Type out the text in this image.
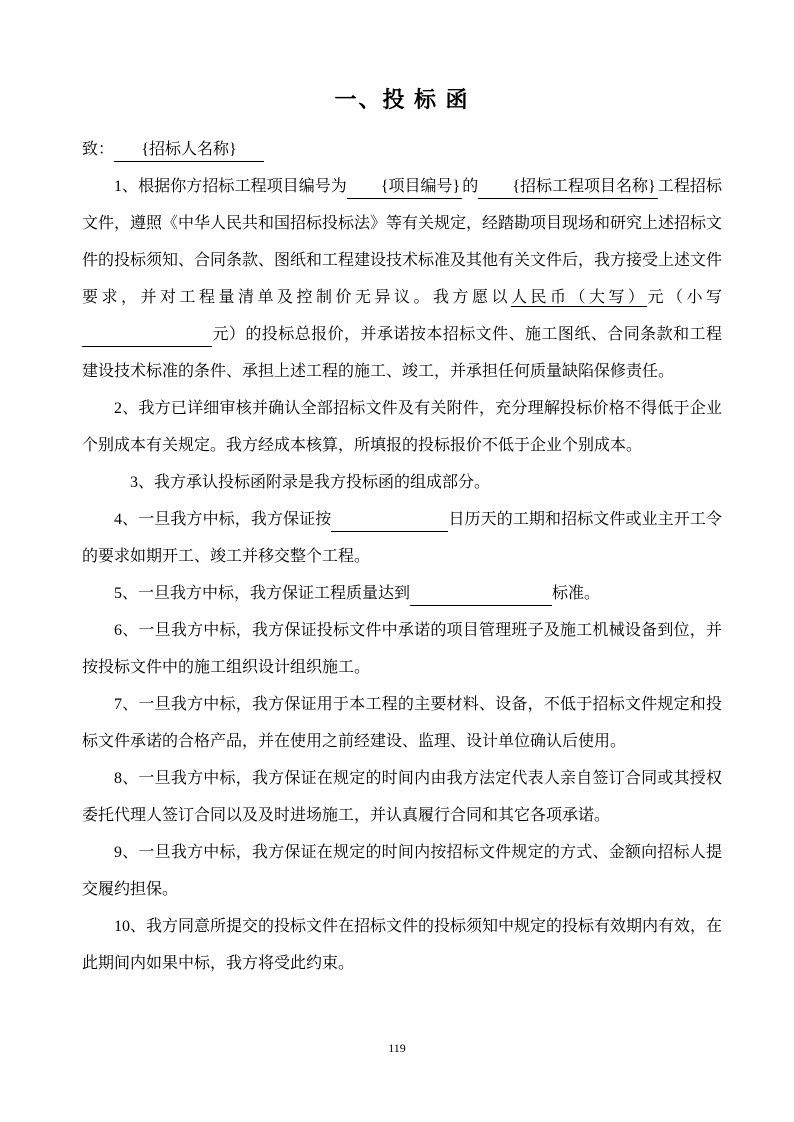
一、投 标 函

致： {招标人名称}

1、根据你方招标工程项目编号为 {项目编号} 的 {招标工程项目名称} 工程招标文件，遵照《中华人民共和国招标投标法》等有关规定，经踏勘项目现场和研究上述招标文件的投标须知、合同条款、图纸和工程建设技术标准及其他有关文件后，我方接受上述文件要求，并对工程量清单及控制价无异议。我方愿以人民币（大写）元（小写 元）的投标总报价，并承诺按本招标文件、施工图纸、合同条款和工程建设技术标准的条件、承担上述工程的施工、竣工，并承担任何质量缺陷保修责任。

2、我方已详细审核并确认全部招标文件及有关附件，充分理解投标价格不得低于企业个别成本有关规定。我方经成本核算，所填报的投标报价不低于企业个别成本。

3、我方承认投标函附录是我方投标函的组成部分。

4、一旦我方中标，我方保证按	日历天的工期和招标文件或业主开工令的要求如期开工、竣工并移交整个工程。

5、一旦我方中标，我方保证工程质量达到	标准。

6、一旦我方中标，我方保证投标文件中承诺的项目管理班子及施工机械设备到位，并按投标文件中的施工组织设计组织施工。

7、一旦我方中标，我方保证用于本工程的主要材料、设备，不低于招标文件规定和投标文件承诺的合格产品，并在使用之前经建设、监理、设计单位确认后使用。

8、一旦我方中标，我方保证在规定的时间内由我方法定代表人亲自签订合同或其授权委托代理人签订合同以及及时进场施工，并认真履行合同和其它各项承诺。

9、一旦我方中标，我方保证在规定的时间内按招标文件规定的方式、金额向招标人提交履约担保。

10、我方同意所提交的投标文件在招标文件的投标须知中规定的投标有效期内有效，在此期间内如果中标，我方将受此约束。

119
